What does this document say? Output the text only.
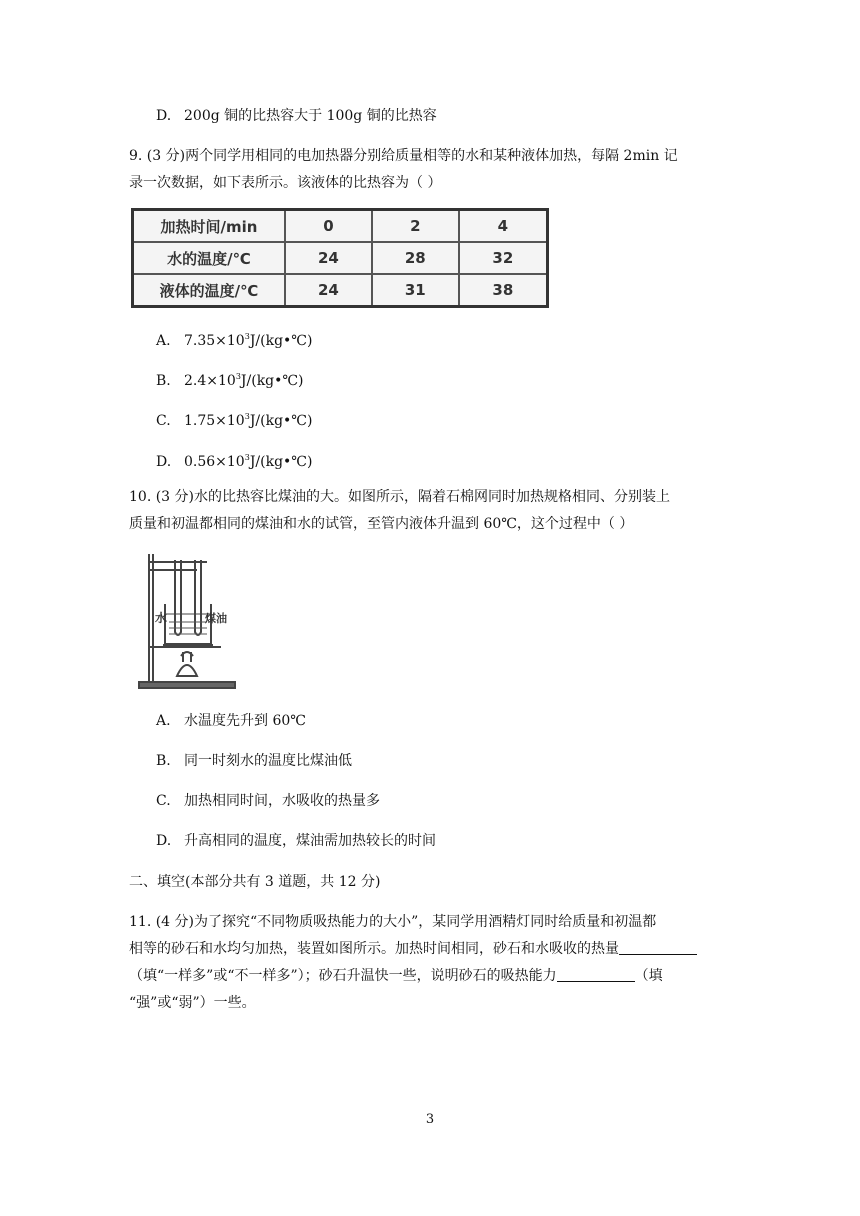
D. 200g 铜的比热容大于 100g 铜的比热容
9. (3 分)两个同学用相同的电加热器分别给质量相等的水和某种液体加热，每隔 2min 记
录一次数据，如下表所示。该液体的比热容为（ ）
加热时间/min	0	2	4
水的温度/℃	24	28	32
液体的温度/℃	24	31	38
A. $7.35\times 10^3J/(kg•℃)$
B. $2.4\times 10^3J/(kg•℃)$
C. $1.75\times 10^3J/(kg•℃)$
D. $0.56\times 10^3J/(kg•℃)$
10. (3 分)水的比热容比煤油的大。如图所示，隔着石棉网同时加热规格相同、分别装上
质量和初温都相同的煤油和水的试管，至管内液体升温到 60℃，这个过程中（ ）
水	煤油
A. 水温度先升到 60℃
B. 同一时刻水的温度比煤油低
C. 加热相同时间，水吸收的热量多
D. 升高相同的温度，煤油需加热较长的时间
二、填空(本部分共有 3 道题，共 12 分)
11. (4 分)为了探究“不同物质吸热能力的大小”，某同学用酒精灯同时给质量和初温都
相等的砂石和水均匀加热，装置如图所示。加热时间相同，砂石和水吸收的热量
（填“一样多”或“不一样多”）；砂石升温快一些，说明砂石的吸热能力	（填
“强”或“弱”）一些。
3
